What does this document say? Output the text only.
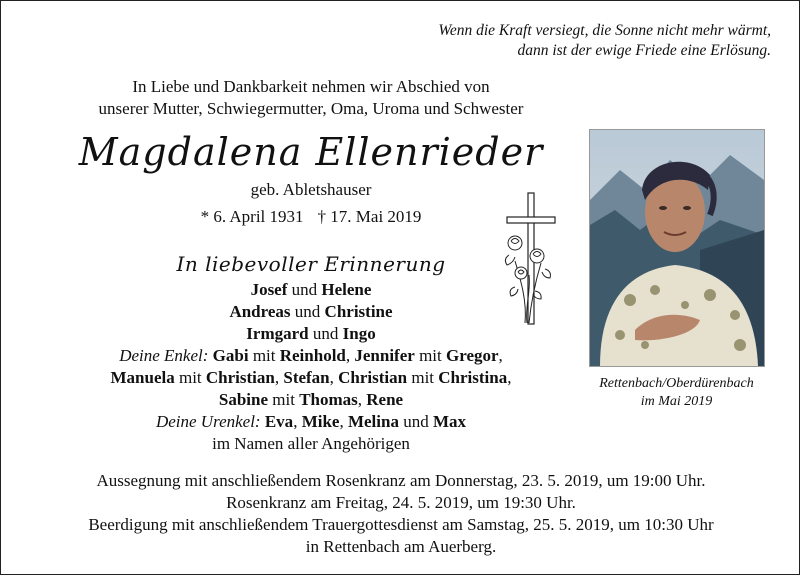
Wenn die Kraft versiegt, die Sonne nicht mehr wärmt,
dann ist der ewige Friede eine Erlösung.
In Liebe und Dankbarkeit nehmen wir Abschied von
unserer Mutter, Schwiegermutter, Oma, Uroma und Schwester
Magdalena Ellenrieder
geb. Abletshauser
* 6. April 1931 † 17. Mai 2019
In liebevoller Erinnerung
Josef und Helene
Andreas und Christine
Irmgard und Ingo
Deine Enkel: Gabi mit Reinhold, Jennifer mit Gregor,
Manuela mit Christian, Stefan, Christian mit Christina,
Sabine mit Thomas, Rene
Deine Urenkel: Eva, Mike, Melina und Max
im Namen aller Angehörigen
Rettenbach/Oberdürenbach
im Mai 2019
Aussegnung mit anschließendem Rosenkranz am Donnerstag, 23. 5. 2019, um 19:00 Uhr.
Rosenkranz am Freitag, 24. 5. 2019, um 19:30 Uhr.
Beerdigung mit anschließendem Trauergottesdienst am Samstag, 25. 5. 2019, um 10:30 Uhr
in Rettenbach am Auerberg.
